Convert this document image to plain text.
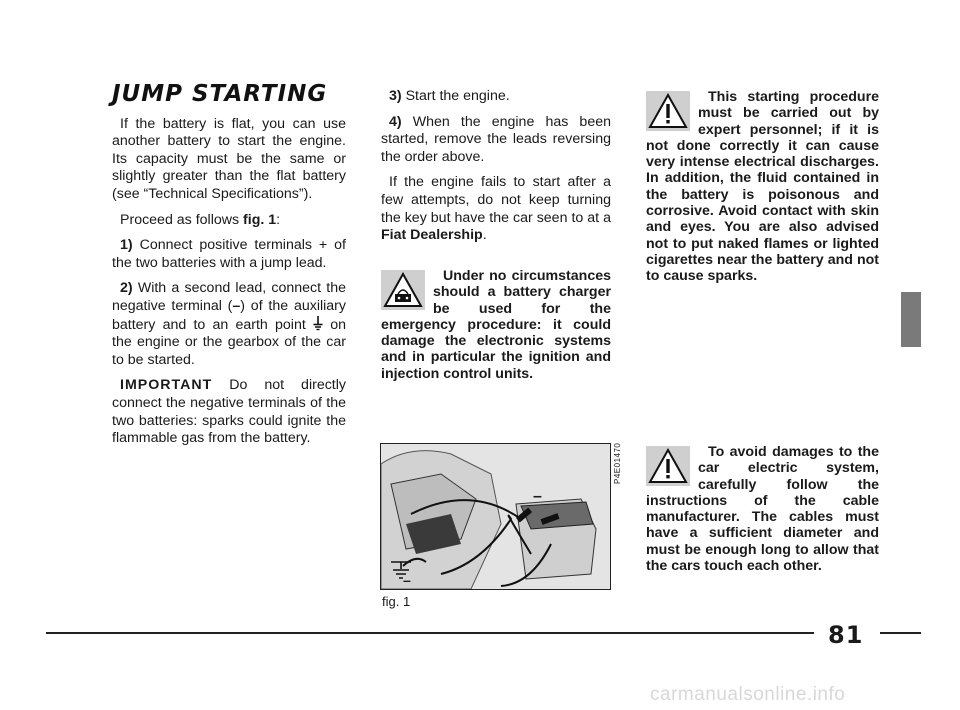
JUMP STARTING

If the battery is flat, you can use another battery to start the engine. Its capacity must be the same or slightly greater than the flat battery (see “Technical Specifications”).

Proceed as follows fig. 1:

1) Connect positive terminals + of the two batteries with a jump lead.

2) With a second lead, connect the negative terminal (–) of the auxiliary battery and to an earth point  on the engine or the gearbox of the car to be started.

IMPORTANT Do not directly connect the negative terminals of the two batteries: sparks could ignite the flammable gas from the battery.

3) Start the engine.

4) When the engine has been started, remove the leads reversing the order above.

If the engine fails to start after a few attempts, do not keep turning the key but have the car seen to at a Fiat Dealership.

Under no circumstances should a battery charger be used for the emergency procedure: it could damage the electronic systems and in particular the ignition and injection control units.
This starting procedure must be carried out by expert personnel; if it is not done correctly it can cause very intense electrical discharges. In addition, the fluid contained in the battery is poisonous and corrosive. Avoid contact with skin and eyes. You are also advised not to put naked flames or lighted cigarettes near the battery and not to cause sparks.
To avoid damages to the car electric system, carefully follow the instructions of the cable manufacturer. The cables must have a sufficient diameter and must be enough long to allow that the cars touch each other.
–
–
P4E01470
fig. 1
81
carmanualsonline.info
